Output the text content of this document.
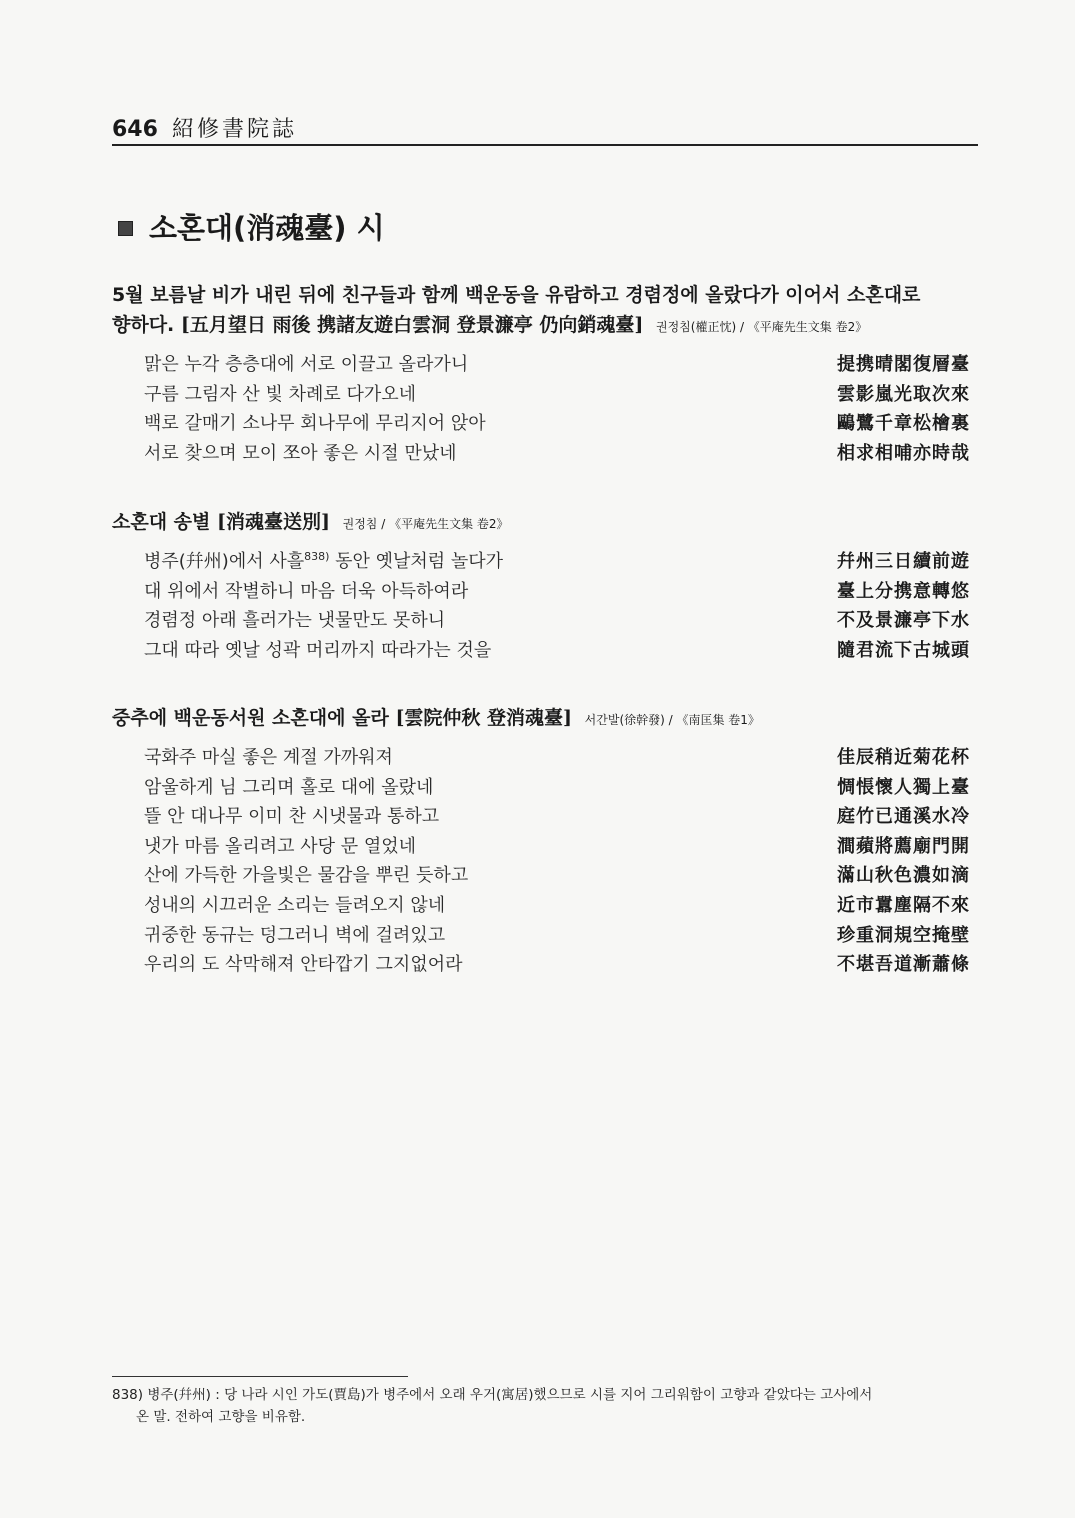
646 紹修書院誌
소혼대(消魂臺) 시
5월 보름날 비가 내린 뒤에 친구들과 함께 백운동을 유람하고 경렴정에 올랐다가 이어서 소혼대로
향하다. [五月望日 雨後 携諸友遊白雲洞 登景濂亭 仍向銷魂臺] 권정침(權正忱) / 《平庵先生文集 卷2》
맑은 누각 층층대에 서로 이끌고 올라가니	提携晴閣復層臺
구름 그림자 산 빛 차례로 다가오네	雲影嵐光取次來
백로 갈매기 소나무 회나무에 무리지어 앉아	鷗鷺千章松檜裏
서로 찾으며 모이 쪼아 좋은 시절 만났네	相求相哺亦時哉
소혼대 송별 [消魂臺送別] 권정침 / 《平庵先生文集 卷2》
병주(幷州)에서 사흘$^{838)}$ 동안 옛날처럼 놀다가	幷州三日續前遊
대 위에서 작별하니 마음 더욱 아득하여라	臺上分携意轉悠
경렴정 아래 흘러가는 냇물만도 못하니	不及景濂亭下水
그대 따라 옛날 성곽 머리까지 따라가는 것을	隨君流下古城頭
중추에 백운동서원 소혼대에 올라 [雲院仲秋 登消魂臺] 서간발(徐幹發) / 《南匡集 卷1》
국화주 마실 좋은 계절 가까워져	佳辰稍近菊花杯
암울하게 님 그리며 홀로 대에 올랐네	惆悵懷人獨上臺
뜰 안 대나무 이미 찬 시냇물과 통하고	庭竹已通溪水冷
냇가 마름 올리려고 사당 문 열었네	澗蘋將薦廟門開
산에 가득한 가을빛은 물감을 뿌린 듯하고	滿山秋色濃如滴
성내의 시끄러운 소리는 들려오지 않네	近市囂塵隔不來
귀중한 동규는 덩그러니 벽에 걸려있고	珍重洞規空掩壁
우리의 도 삭막해져 안타깝기 그지없어라	不堪吾道漸蕭條
838) 병주(幷州) : 당 나라 시인 가도(賈島)가 병주에서 오래 우거(寓居)했으므로 시를 지어 그리워함이 고향과 같았다는 고사에서
온 말. 전하여 고향을 비유함.
